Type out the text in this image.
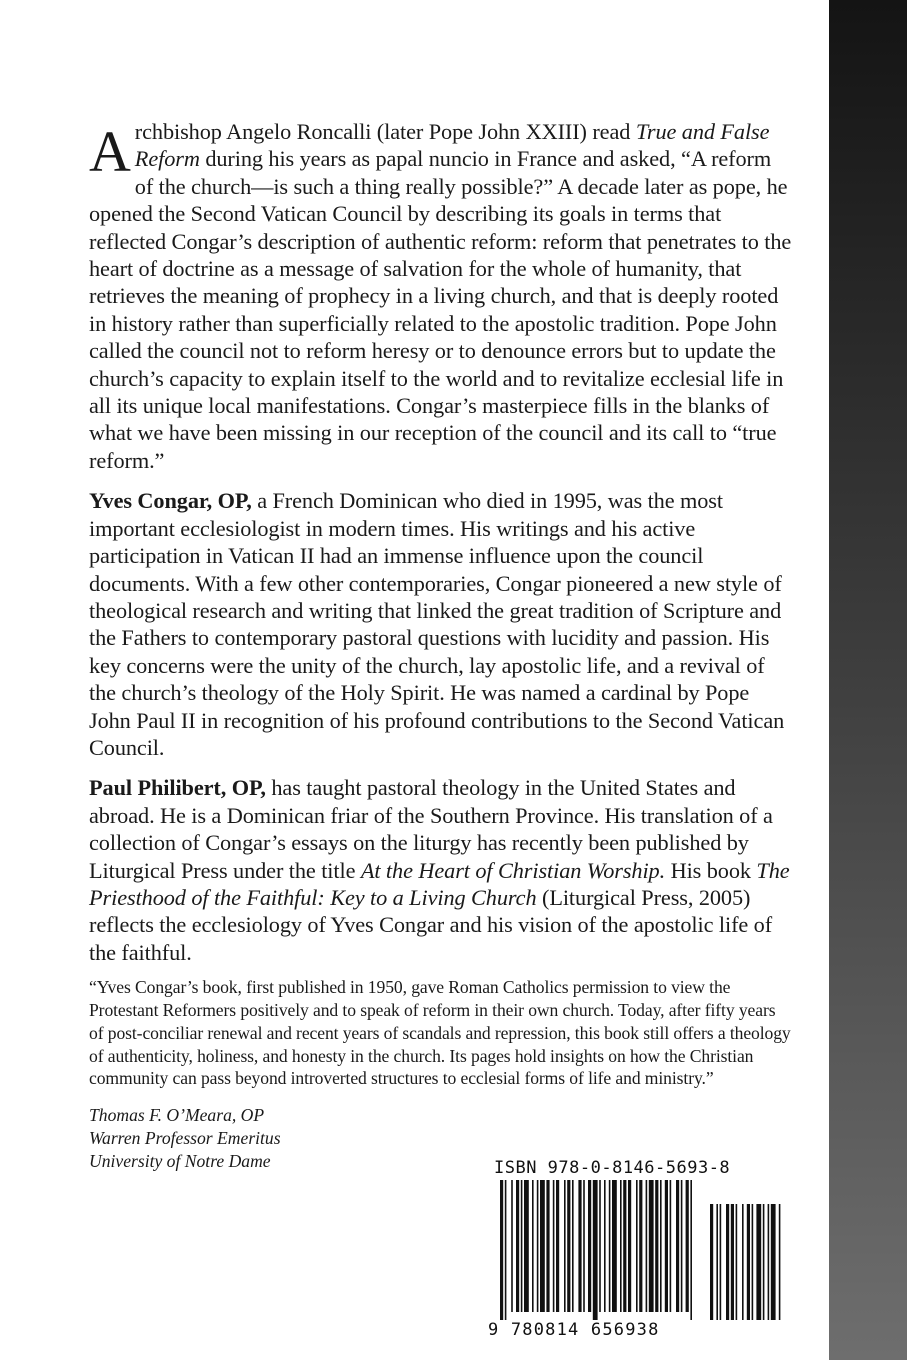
Archbishop Angelo Roncalli (later Pope John XXIII) read True and False Reform during his years as papal nuncio in France and asked, “A reform of the church—is such a thing really possible?” A decade later as pope, he opened the Second Vatican Council by describing its goals in terms that reflected Congar’s description of authentic reform: reform that penetrates to the heart of doctrine as a message of salvation for the whole of humanity, that retrieves the meaning of prophecy in a living church, and that is deeply rooted in history rather than superficially related to the apostolic tradition. Pope John called the council not to reform heresy or to denounce errors but to update the church’s capacity to explain itself to the world and to revitalize ecclesial life in all its unique local manifestations. Congar’s masterpiece fills in the blanks of what we have been missing in our reception of the council and its call to “true reform.”

Yves Congar, OP, a French Dominican who died in 1995, was the most important ecclesiologist in modern times. His writings and his active participation in Vatican II had an immense influence upon the council documents. With a few other contemporaries, Congar pioneered a new style of theological research and writing that linked the great tradition of Scripture and the Fathers to contemporary pastoral questions with lucidity and passion. His key concerns were the unity of the church, lay apostolic life, and a revival of the church’s theology of the Holy Spirit. He was named a cardinal by Pope John Paul II in recognition of his profound contributions to the Second Vatican Council.

Paul Philibert, OP, has taught pastoral theology in the United States and abroad. He is a Dominican friar of the Southern Province. His translation of a collection of Congar’s essays on the liturgy has recently been published by Liturgical Press under the title At the Heart of Christian Worship. His book The Priesthood of the Faithful: Key to a Living Church (Liturgical Press, 2005) reflects the ecclesiology of Yves Congar and his vision of the apostolic life of the faithful.

“Yves Congar’s book, first published in 1950, gave Roman Catholics permission to view the Protestant Reformers positively and to speak of reform in their own church. Today, after fifty years of post-conciliar renewal and recent years of scandals and repression, this book still offers a theology of authenticity, holiness, and honesty in the church. Its pages hold insights on how the Christian community can pass beyond introverted structures to ecclesial forms of life and ministry.”

Thomas F. O’Meara, OP
Warren Professor Emeritus
University of Notre Dame	ISBN 978-0-8146-5693-8
9 780814 656938
